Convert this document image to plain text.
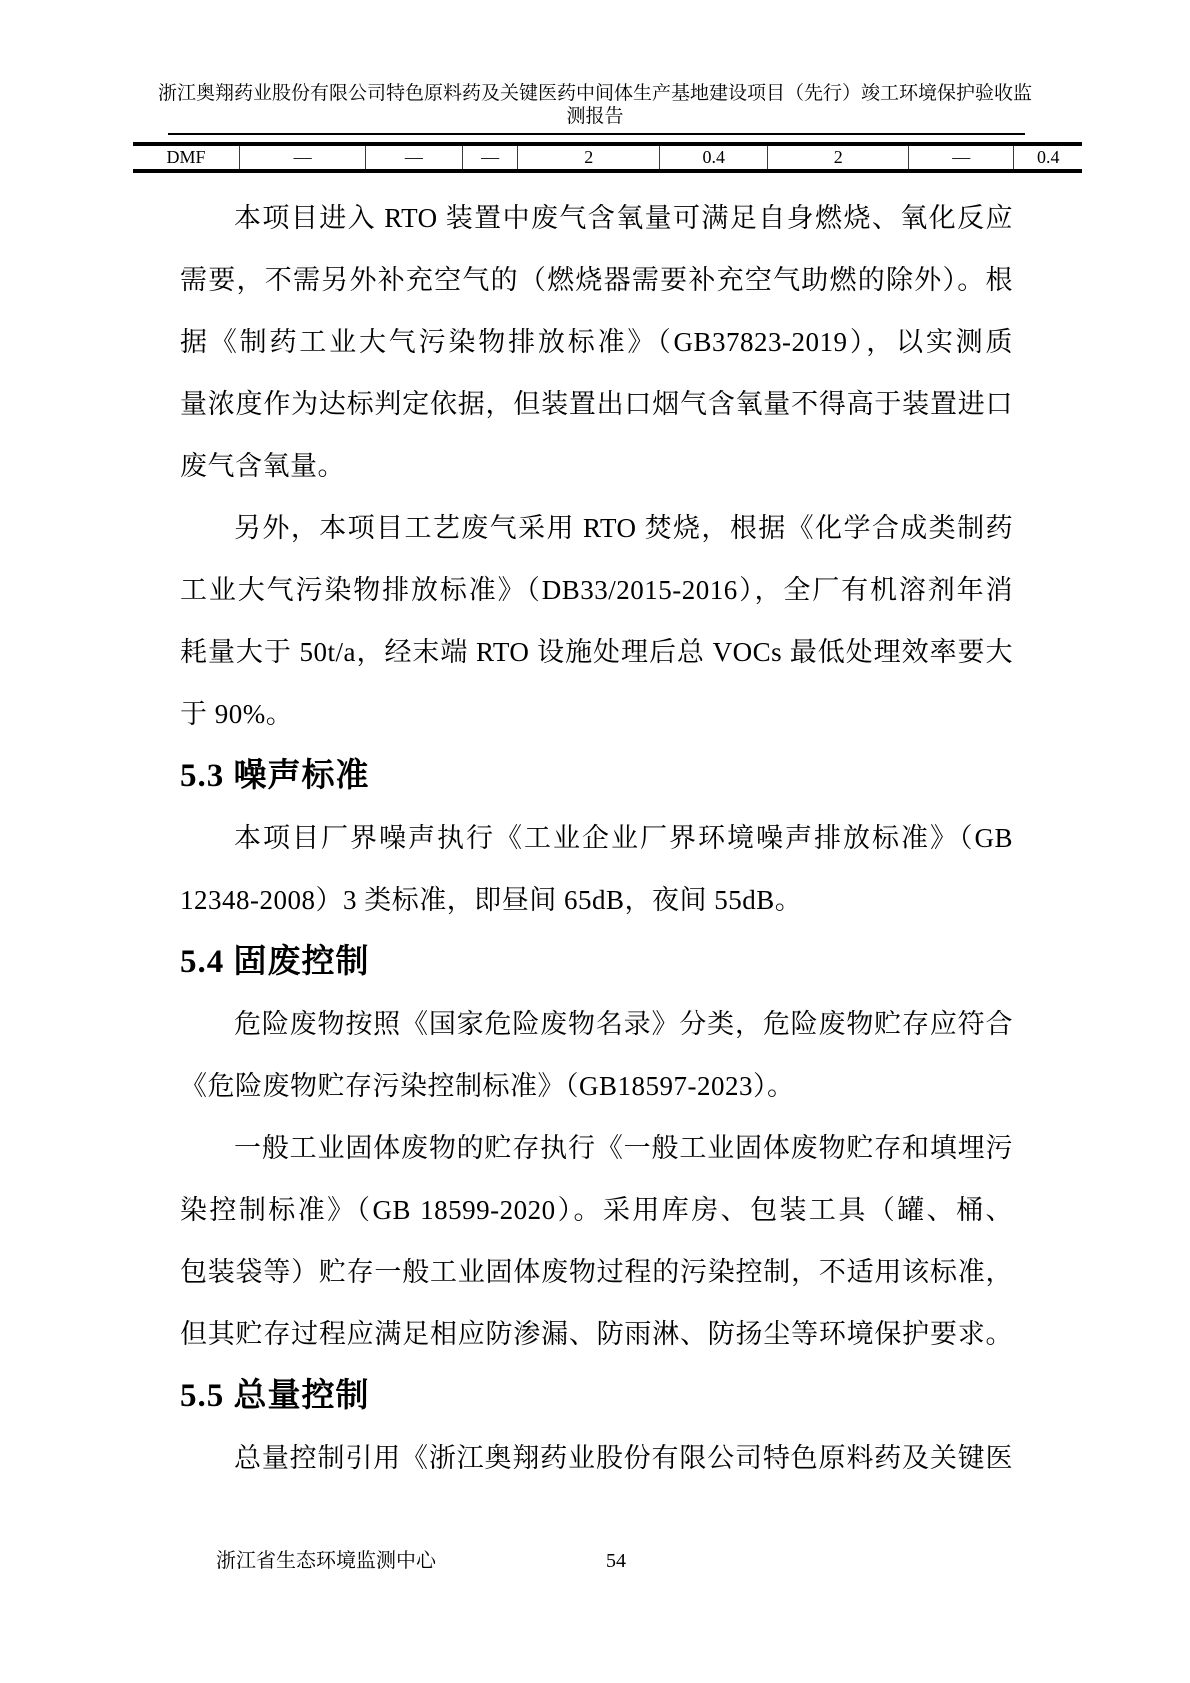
浙江奥翔药业股份有限公司特色原料药及关键医药中间体生产基地建设项目（先行）竣工环境保护验收监
测报告
DMF	—	—	—	2	0.4	2	—	0.4
本项目进入 RTO 装置中废气含氧量可满足自身燃烧、氧化反应
需要，不需另外补充空气的（燃烧器需要补充空气助燃的除外）。根
据《制药工业大气污染物排放标准》（GB37823-2019），以实测质
量浓度作为达标判定依据，但装置出口烟气含氧量不得高于装置进口
废气含氧量。
另外，本项目工艺废气采用 RTO 焚烧，根据《化学合成类制药
工业大气污染物排放标准》（DB33/2015-2016），全厂有机溶剂年消
耗量大于 50t/a，经末端 RTO 设施处理后总 VOCs 最低处理效率要大
于 90%。
5.3 噪声标准
本项目厂界噪声执行《工业企业厂界环境噪声排放标准》（GB
12348-2008）3 类标准，即昼间 65dB，夜间 55dB。
5.4 固废控制
危险废物按照《国家危险废物名录》分类，危险废物贮存应符合
《危险废物贮存污染控制标准》（GB18597-2023）。
一般工业固体废物的贮存执行《一般工业固体废物贮存和填埋污
染控制标准》（GB 18599-2020）。采用库房、包装工具（罐、桶、
包装袋等）贮存一般工业固体废物过程的污染控制，不适用该标准，
但其贮存过程应满足相应防渗漏、防雨淋、防扬尘等环境保护要求。
5.5 总量控制
总量控制引用《浙江奥翔药业股份有限公司特色原料药及关键医
浙江省生态环境监测中心	54
